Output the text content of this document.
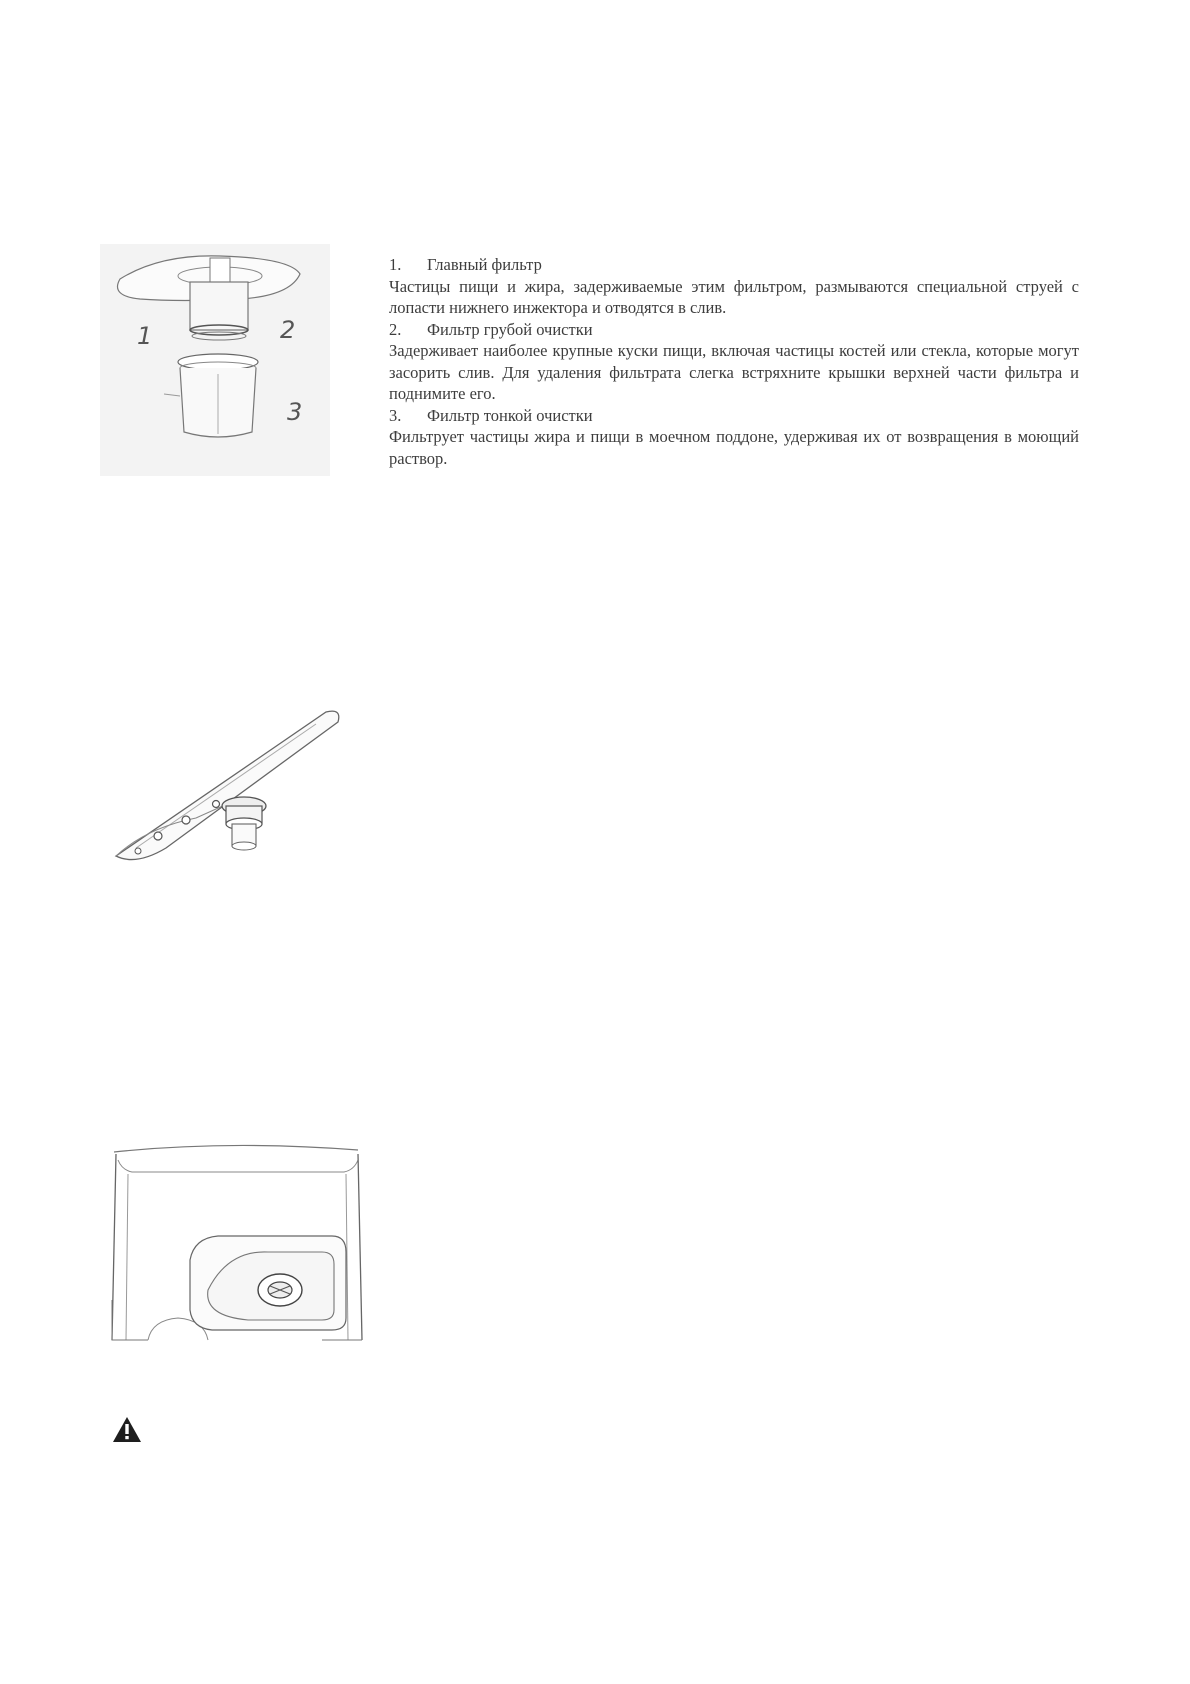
1	2
3
1.	Главный фильтр
Частицы пищи и жира, задерживаемые этим фильтром, размываются специальной струей с лопасти нижнего инжектора и отводятся в слив.
2.	Фильтр грубой очистки
Задерживает наиболее крупные куски пищи, включая частицы костей или стекла, которые могут засорить слив. Для удаления фильтрата слегка встряхните крышки верхней части фильтра и поднимите его.
3.	Фильтр тонкой очистки
Фильтрует частицы жира и пищи в моечном поддоне, удерживая их от возвращения в моющий раствор.
